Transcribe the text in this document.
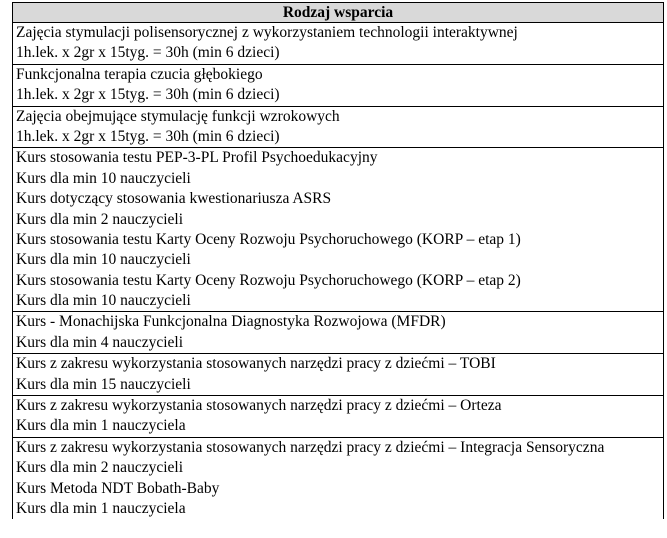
Rodzaj wsparcia
Zajęcia stymulacji polisensorycznej z wykorzystaniem technologii interaktywnej
1h.lek. x 2gr x 15tyg. = 30h (min 6 dzieci)
Funkcjonalna terapia czucia głębokiego
1h.lek. x 2gr x 15tyg. = 30h (min 6 dzieci)
Zajęcia obejmujące stymulację funkcji wzrokowych
1h.lek. x 2gr x 15tyg. = 30h (min 6 dzieci)
Kurs stosowania testu PEP-3-PL Profil Psychoedukacyjny
Kurs dla min 10 nauczycieli
Kurs dotyczący stosowania kwestionariusza ASRS
Kurs dla min 2 nauczycieli
Kurs stosowania testu Karty Oceny Rozwoju Psychoruchowego (KORP – etap 1)
Kurs dla min 10 nauczycieli
Kurs stosowania testu Karty Oceny Rozwoju Psychoruchowego (KORP – etap 2)
Kurs dla min 10 nauczycieli
Kurs - Monachijska Funkcjonalna Diagnostyka Rozwojowa (MFDR)
Kurs dla min 4 nauczycieli
Kurs z zakresu wykorzystania stosowanych narzędzi pracy z dziećmi – TOBI
Kurs dla min 15 nauczycieli
Kurs z zakresu wykorzystania stosowanych narzędzi pracy z dziećmi – Orteza
Kurs dla min 1 nauczyciela
Kurs z zakresu wykorzystania stosowanych narzędzi pracy z dziećmi – Integracja Sensoryczna
Kurs dla min 2 nauczycieli
Kurs Metoda NDT Bobath-Baby
Kurs dla min 1 nauczyciela
